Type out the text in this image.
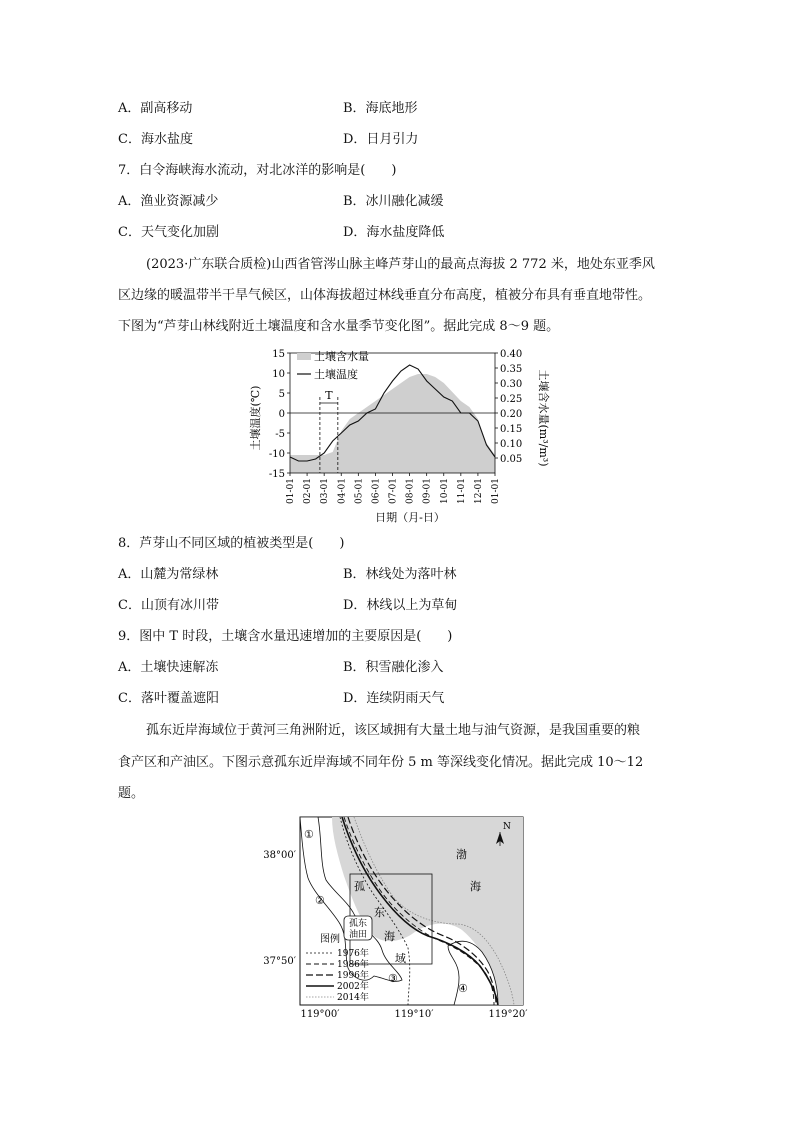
A．副高移动	B．海底地形
C．海水盐度	D．日月引力
7．白令海峡海水流动，对北冰洋的影响是(　　)
A．渔业资源减少	B．冰川融化减缓
C．天气变化加剧	D．海水盐度降低
(2023·广东联合质检)山西省管涔山脉主峰芦芽山的最高点海拔 2 772 米，地处东亚季风
区边缘的暖温带半干旱气候区，山体海拔超过林线垂直分布高度，植被分布具有垂直地带性。
下图为“芦芽山林线附近土壤温度和含水量季节变化图”。据此完成 8～9 题。
T
15
10
5
0
-5
-10
-15
0.40
0.35
0.30
0.25
0.20
0.15
0.10
0.05
01-01 02-01 03-01 04-01 05-01 06-01 07-01 08-01 09-01 10-01 11-01 12-01 01-01
土壤温度(℃)	土壤含水量(m³/m³)
日期（月-日）
土壤含水量
土壤温度
8．芦芽山不同区域的植被类型是(　　)
A．山麓为常绿林	B．林线处为落叶林
C．山顶有冰川带	D．林线以上为草甸
9．图中 T 时段，土壤含水量迅速增加的主要原因是(　　)
A．土壤快速解冻	B．积雪融化渗入
C．落叶覆盖遮阳	D．连续阴雨天气
孤东近岸海域位于黄河三角洲附近，该区域拥有大量土地与油气资源，是我国重要的粮
食产区和产油区。下图示意孤东近岸海域不同年份 5 m 等深线变化情况。据此完成 10～12
题。
N
渤
海
孤
东
海
域
孤东
油田
①
②
③
④
38°00′
37°50′
119°00′	119°10′	119°20′
图例
1976年
1986年
1996年
2002年
2014年
